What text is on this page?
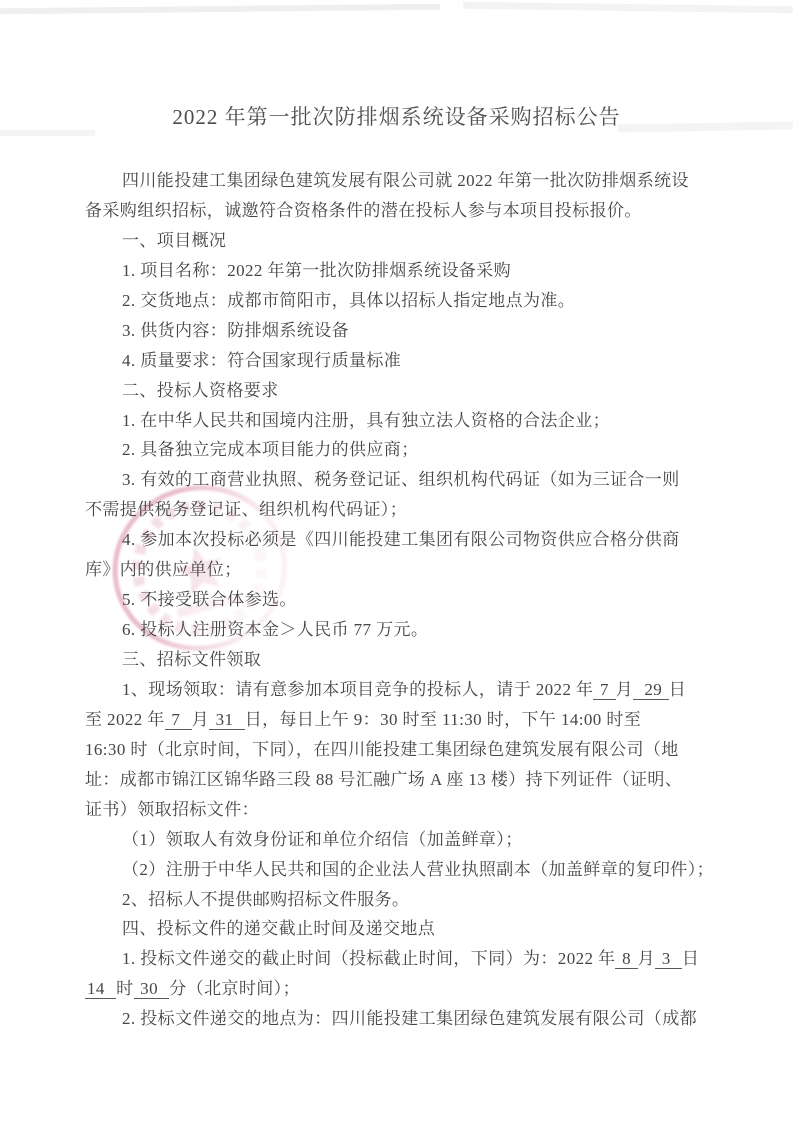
2022 年第一批次防排烟系统设备采购招标公告
四川能投建工集团绿色建筑发展有限公司就 2022 年第一批次防排烟系统设
备采购组织招标，诚邀符合资格条件的潜在投标人参与本项目投标报价。
一、项目概况
1. 项目名称：2022 年第一批次防排烟系统设备采购
2. 交货地点：成都市简阳市，具体以招标人指定地点为准。
3. 供货内容：防排烟系统设备
4. 质量要求：符合国家现行质量标准
二、投标人资格要求
1. 在中华人民共和国境内注册，具有独立法人资格的合法企业；
2. 具备独立完成本项目能力的供应商；
3. 有效的工商营业执照、税务登记证、组织机构代码证（如为三证合一则
不需提供税务登记证、组织机构代码证）；
4. 参加本次投标必须是《四川能投建工集团有限公司物资供应合格分供商
库》内的供应单位；
5. 不接受联合体参选。
6. 投标人注册资本金＞人民币 77 万元。
三、招标文件领取
1、现场领取：请有意参加本项目竞争的投标人，请于 2022 年 7 月  29 日
至 2022 年 7  月 31  日，每日上午 9：30 时至 11:30 时，下午 14:00 时至
16:30 时（北京时间，下同），在四川能投建工集团绿色建筑发展有限公司（地
址：成都市锦江区锦华路三段 88 号汇融广场 A 座 13 楼）持下列证件（证明、
证书）领取招标文件：
（1）领取人有效身份证和单位介绍信（加盖鲜章）；
（2）注册于中华人民共和国的企业法人营业执照副本（加盖鲜章的复印件）；
2、招标人不提供邮购招标文件服务。
四、投标文件的递交截止时间及递交地点
1. 投标文件递交的截止时间（投标截止时间，下同）为：2022 年 8 月 3  日
14  时 30  分（北京时间）；
2. 投标文件递交的地点为：四川能投建工集团绿色建筑发展有限公司（成都
